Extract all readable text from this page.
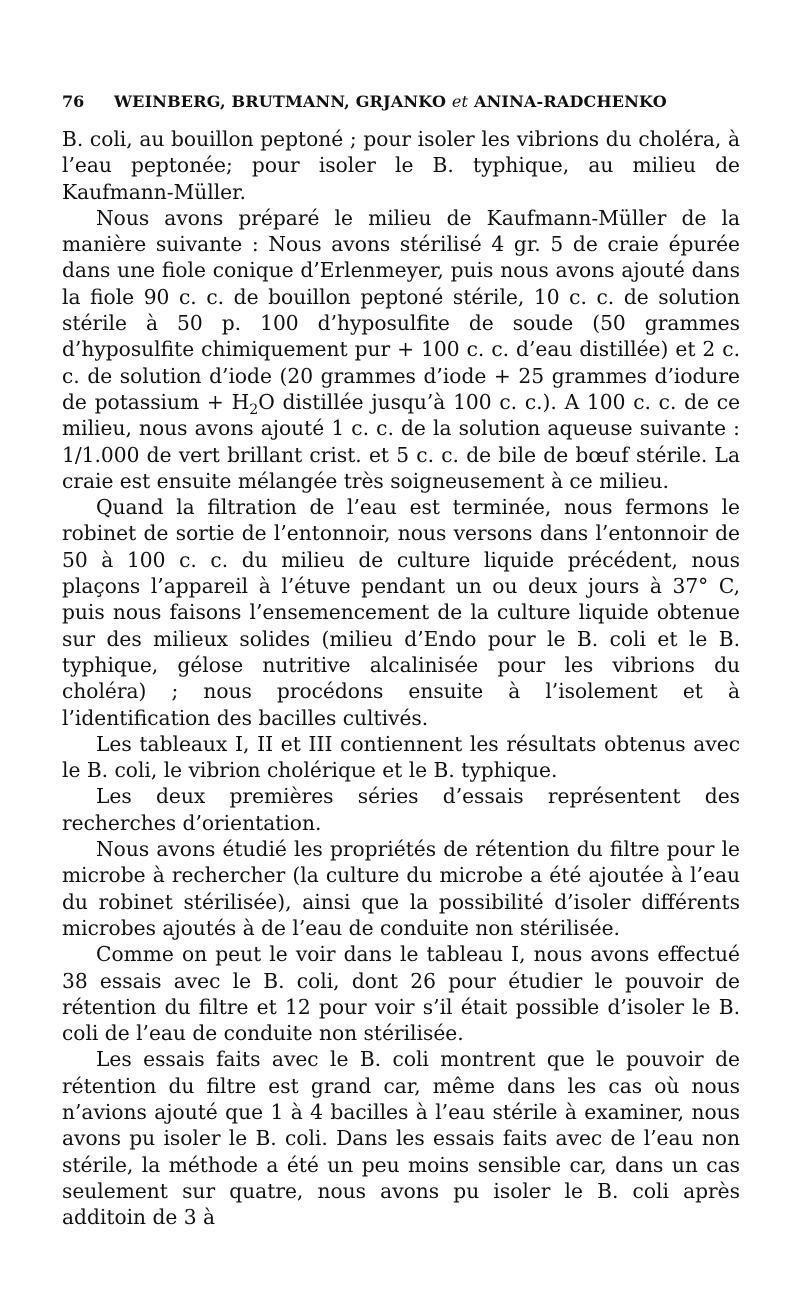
76	WEINBERG, BRUTMANN, GRJANKO et ANINA-RADCHENKO

B. coli, au bouillon peptoné ; pour isoler les vibrions du choléra, à l’eau peptonée; pour isoler le B. typhique, au milieu de Kaufmann-Müller.

Nous avons préparé le milieu de Kaufmann-Müller de la manière suivante : Nous avons stérilisé 4 gr. 5 de craie épurée dans une fiole conique d’Erlenmeyer, puis nous avons ajouté dans la fiole 90 c. c. de bouillon peptoné stérile, 10 c. c. de solution stérile à 50 p. 100 d’hyposulfite de soude (50 grammes d’hyposulfite chimiquement pur + 100 c. c. d’eau distillée) et 2 c. c. de solution d’iode (20 grammes d’iode + 25 grammes d’iodure de potassium + $H_2O$ distillée jusqu’à 100 c. c.). A 100 c. c. de ce milieu, nous avons ajouté 1 c. c. de la solution aqueuse suivante : 1/1.000 de vert brillant crist. et 5 c. c. de bile de bœuf stérile. La craie est ensuite mélangée très soigneusement à ce milieu.

Quand la filtration de l’eau est terminée, nous fermons le robinet de sortie de l’entonnoir, nous versons dans l’entonnoir de 50 à 100 c. c. du milieu de culture liquide précédent, nous plaçons l’appareil à l’étuve pendant un ou deux jours à 37° C, puis nous faisons l’ensemencement de la culture liquide obtenue sur des milieux solides (milieu d’Endo pour le B. coli et le B. typhique, gélose nutritive alcalinisée pour les vibrions du choléra) ; nous procédons ensuite à l’isolement et à l’identification des bacilles cultivés.

Les tableaux I, II et III contiennent les résultats obtenus avec le B. coli, le vibrion cholérique et le B. typhique.

Les deux premières séries d’essais représentent des recherches d’orientation.

Nous avons étudié les propriétés de rétention du filtre pour le microbe à rechercher (la culture du microbe a été ajoutée à l’eau du robinet stérilisée), ainsi que la possibilité d’isoler différents microbes ajoutés à de l’eau de conduite non stérilisée.

Comme on peut le voir dans le tableau I, nous avons effectué 38 essais avec le B. coli, dont 26 pour étudier le pouvoir de rétention du filtre et 12 pour voir s’il était possible d’isoler le B. coli de l’eau de conduite non stérilisée.

Les essais faits avec le B. coli montrent que le pouvoir de rétention du filtre est grand car, même dans les cas où nous n’avions ajouté que 1 à 4 bacilles à l’eau stérile à examiner, nous avons pu isoler le B. coli. Dans les essais faits avec de l’eau non stérile, la méthode a été un peu moins sensible car, dans un cas seulement sur quatre, nous avons pu isoler le B. coli après additoin de 3 à
